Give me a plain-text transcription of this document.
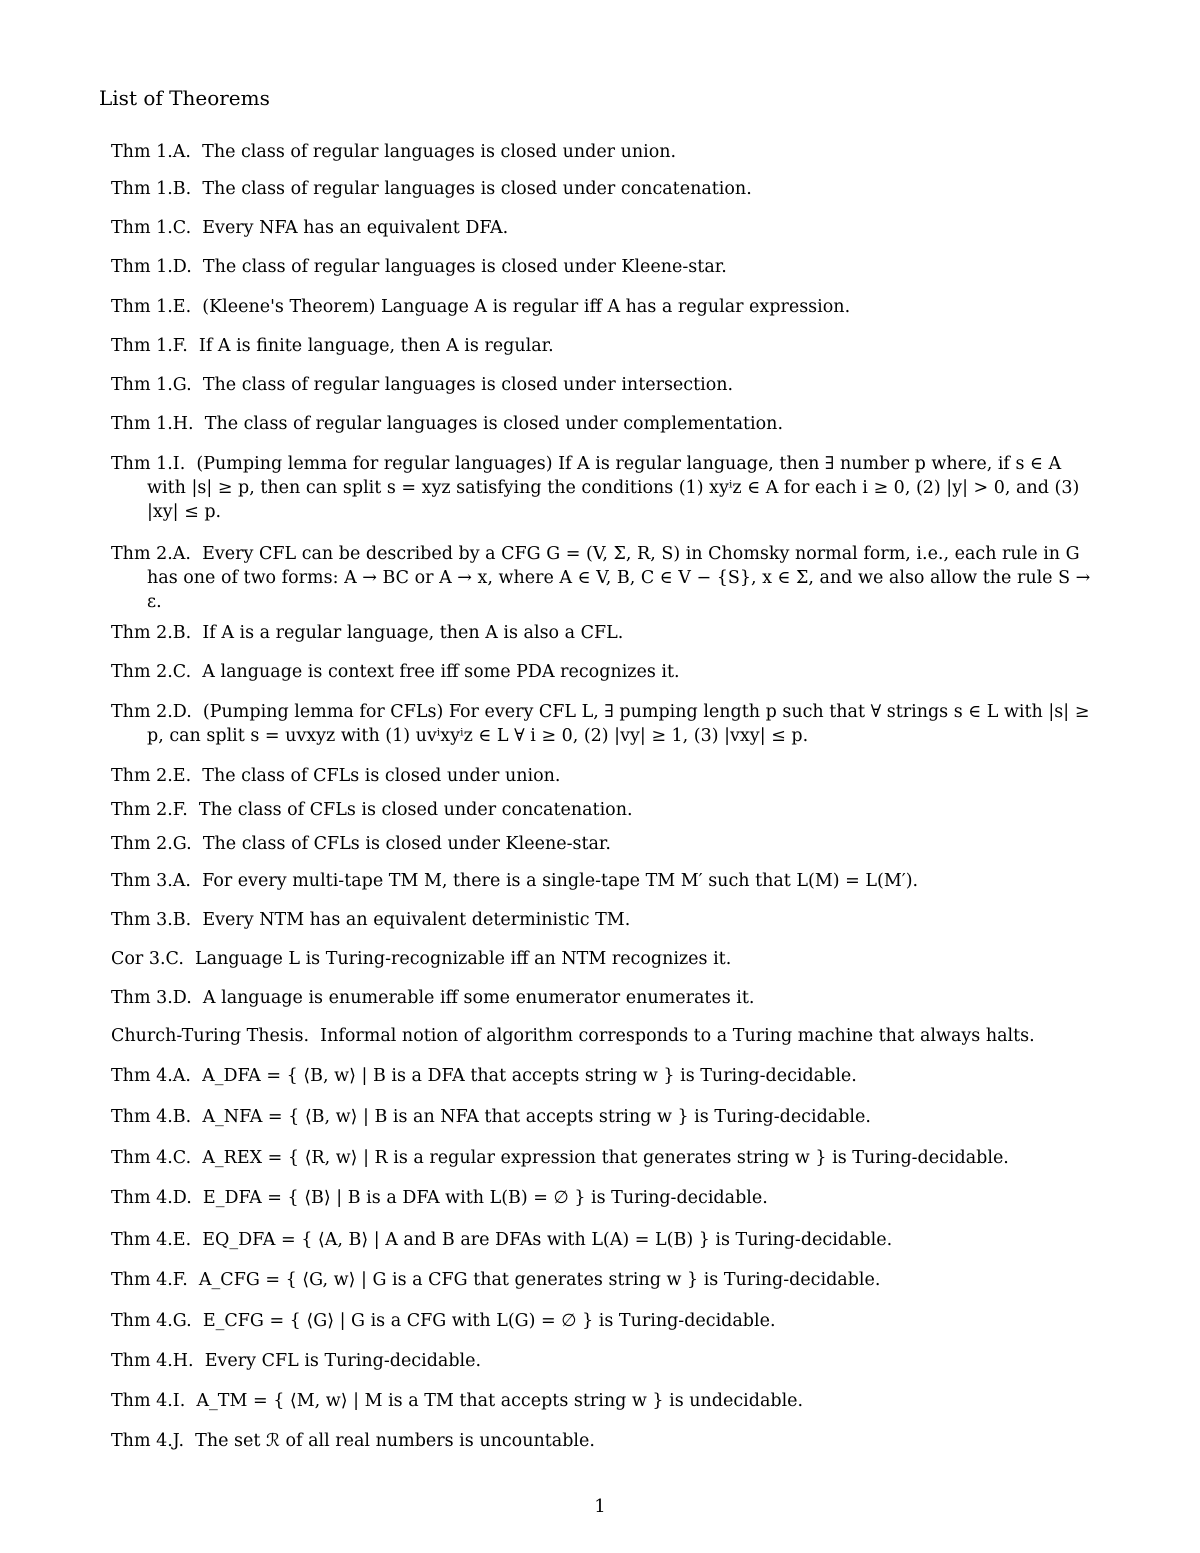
List of Theorems
Thm 1.A. The class of regular languages is closed under union.
Thm 1.B. The class of regular languages is closed under concatenation.
Thm 1.C. Every NFA has an equivalent DFA.
Thm 1.D. The class of regular languages is closed under Kleene-star.
Thm 1.E. (Kleene's Theorem) Language A is regular iff A has a regular expression.
Thm 1.F. If A is finite language, then A is regular.
Thm 1.G. The class of regular languages is closed under intersection.
Thm 1.H. The class of regular languages is closed under complementation.
Thm 1.I. (Pumping lemma for regular languages) If A is regular language, then ∃ number p where, if s ∈ A with |s| ≥ p, then can split s = xyz satisfying the conditions (1) xyⁱz ∈ A for each i ≥ 0, (2) |y| > 0, and (3) |xy| ≤ p.
Thm 2.A. Every CFL can be described by a CFG G = (V, Σ, R, S) in Chomsky normal form, i.e., each rule in G has one of two forms: A → BC or A → x, where A ∈ V, B, C ∈ V − {S}, x ∈ Σ, and we also allow the rule S → ε.
Thm 2.B. If A is a regular language, then A is also a CFL.
Thm 2.C. A language is context free iff some PDA recognizes it.
Thm 2.D. (Pumping lemma for CFLs) For every CFL L, ∃ pumping length p such that ∀ strings s ∈ L with |s| ≥ p, can split s = uvxyz with (1) uvⁱxyⁱz ∈ L ∀ i ≥ 0, (2) |vy| ≥ 1, (3) |vxy| ≤ p.
Thm 2.E. The class of CFLs is closed under union.
Thm 2.F. The class of CFLs is closed under concatenation.
Thm 2.G. The class of CFLs is closed under Kleene-star.
Thm 3.A. For every multi-tape TM M, there is a single-tape TM M′ such that L(M) = L(M′).
Thm 3.B. Every NTM has an equivalent deterministic TM.
Cor 3.C. Language L is Turing-recognizable iff an NTM recognizes it.
Thm 3.D. A language is enumerable iff some enumerator enumerates it.
Church-Turing Thesis. Informal notion of algorithm corresponds to a Turing machine that always halts.
Thm 4.A. A_DFA = { ⟨B, w⟩ | B is a DFA that accepts string w } is Turing-decidable.
Thm 4.B. A_NFA = { ⟨B, w⟩ | B is an NFA that accepts string w } is Turing-decidable.
Thm 4.C. A_REX = { ⟨R, w⟩ | R is a regular expression that generates string w } is Turing-decidable.
Thm 4.D. E_DFA = { ⟨B⟩ | B is a DFA with L(B) = ∅ } is Turing-decidable.
Thm 4.E. EQ_DFA = { ⟨A, B⟩ | A and B are DFAs with L(A) = L(B) } is Turing-decidable.
Thm 4.F. A_CFG = { ⟨G, w⟩ | G is a CFG that generates string w } is Turing-decidable.
Thm 4.G. E_CFG = { ⟨G⟩ | G is a CFG with L(G) = ∅ } is Turing-decidable.
Thm 4.H. Every CFL is Turing-decidable.
Thm 4.I. A_TM = { ⟨M, w⟩ | M is a TM that accepts string w } is undecidable.
Thm 4.J. The set ℛ of all real numbers is uncountable.
1
